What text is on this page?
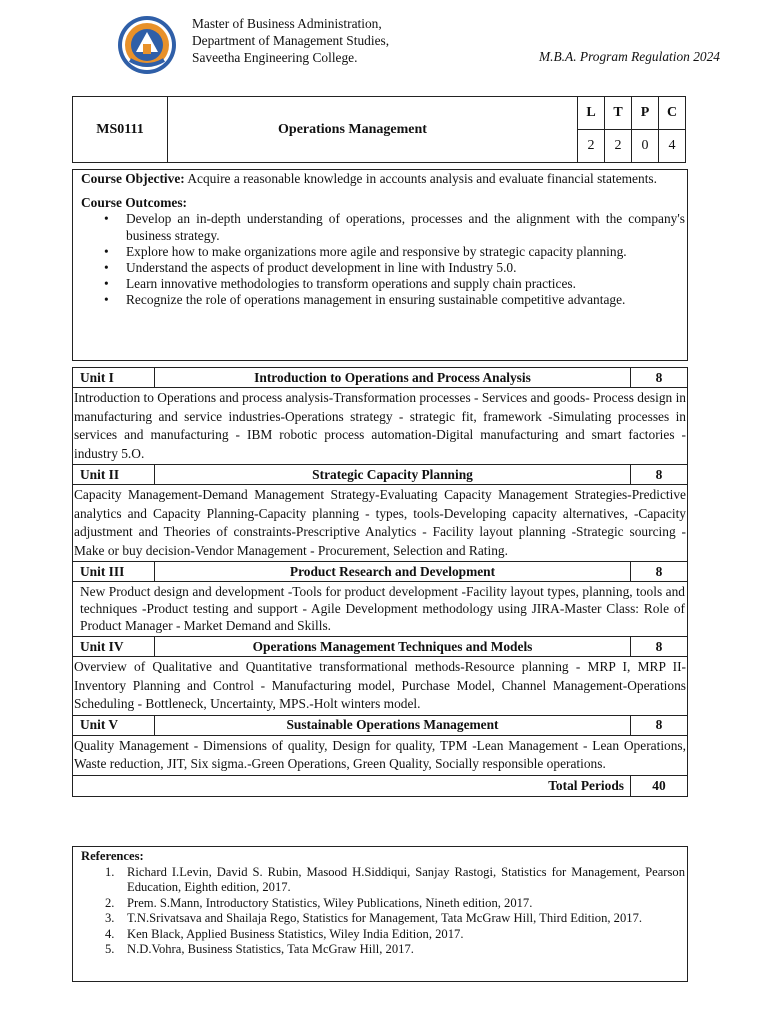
Master of Business Administration,
Department of Management Studies,
Saveetha Engineering College.	M.B.A. Program Regulation 2024
MS0111	Operations Management	L	T	P	C
		2	2	0	4

Course Objective: Acquire a reasonable knowledge in accounts analysis and evaluate financial statements.

Course Outcomes:
• Develop an in-depth understanding of operations, processes and the alignment with the company's business strategy.
• Explore how to make organizations more agile and responsive by strategic capacity planning.
• Understand the aspects of product development in line with Industry 5.0.
• Learn innovative methodologies to transform operations and supply chain practices.
• Recognize the role of operations management in ensuring sustainable competitive advantage.
Unit I	Introduction to Operations and Process Analysis	8
Introduction to Operations and process analysis-Transformation processes - Services and goods- Process design in manufacturing and service industries-Operations strategy - strategic fit, framework -Simulating processes in services and manufacturing - IBM robotic process automation-Digital manufacturing and smart factories - industry 5.O.		
Unit II	Strategic Capacity Planning	8
Capacity Management-Demand Management Strategy-Evaluating Capacity Management Strategies-Predictive analytics and Capacity Planning-Capacity planning - types, tools-Developing capacity alternatives, -Capacity adjustment and Theories of constraints-Prescriptive Analytics - Facility layout planning -Strategic sourcing - Make or buy decision-Vendor Management - Procurement, Selection and Rating.		
Unit III	Product Research and Development	8
New Product design and development -Tools for product development -Facility layout types, planning, tools and techniques -Product testing and support - Agile Development methodology using JIRA-Master Class: Role of Product Manager - Market Demand and Skills.		
Unit IV	Operations Management Techniques and Models	8
Overview of Qualitative and Quantitative transformational methods-Resource planning - MRP I, MRP II-Inventory Planning and Control - Manufacturing model, Purchase Model, Channel Management-Operations Scheduling - Bottleneck, Uncertainty, MPS.-Holt winters model.		
Unit V	Sustainable Operations Management	8
Quality Management - Dimensions of quality, Design for quality, TPM -Lean Management - Lean Operations, Waste reduction, JIT, Six sigma.-Green Operations, Green Quality, Socially responsible operations.		
Total Periods		40
References:
1. Richard I.Levin, David S. Rubin, Masood H.Siddiqui, Sanjay Rastogi, Statistics for Management, Pearson Education, Eighth edition, 2017.
2. Prem. S.Mann, Introductory Statistics, Wiley Publications, Nineth edition, 2017.
3. T.N.Srivatsava and Shailaja Rego, Statistics for Management, Tata McGraw Hill, Third Edition, 2017.
4. Ken Black, Applied Business Statistics, Wiley India Edition, 2017.
5. N.D.Vohra, Business Statistics, Tata McGraw Hill, 2017.
